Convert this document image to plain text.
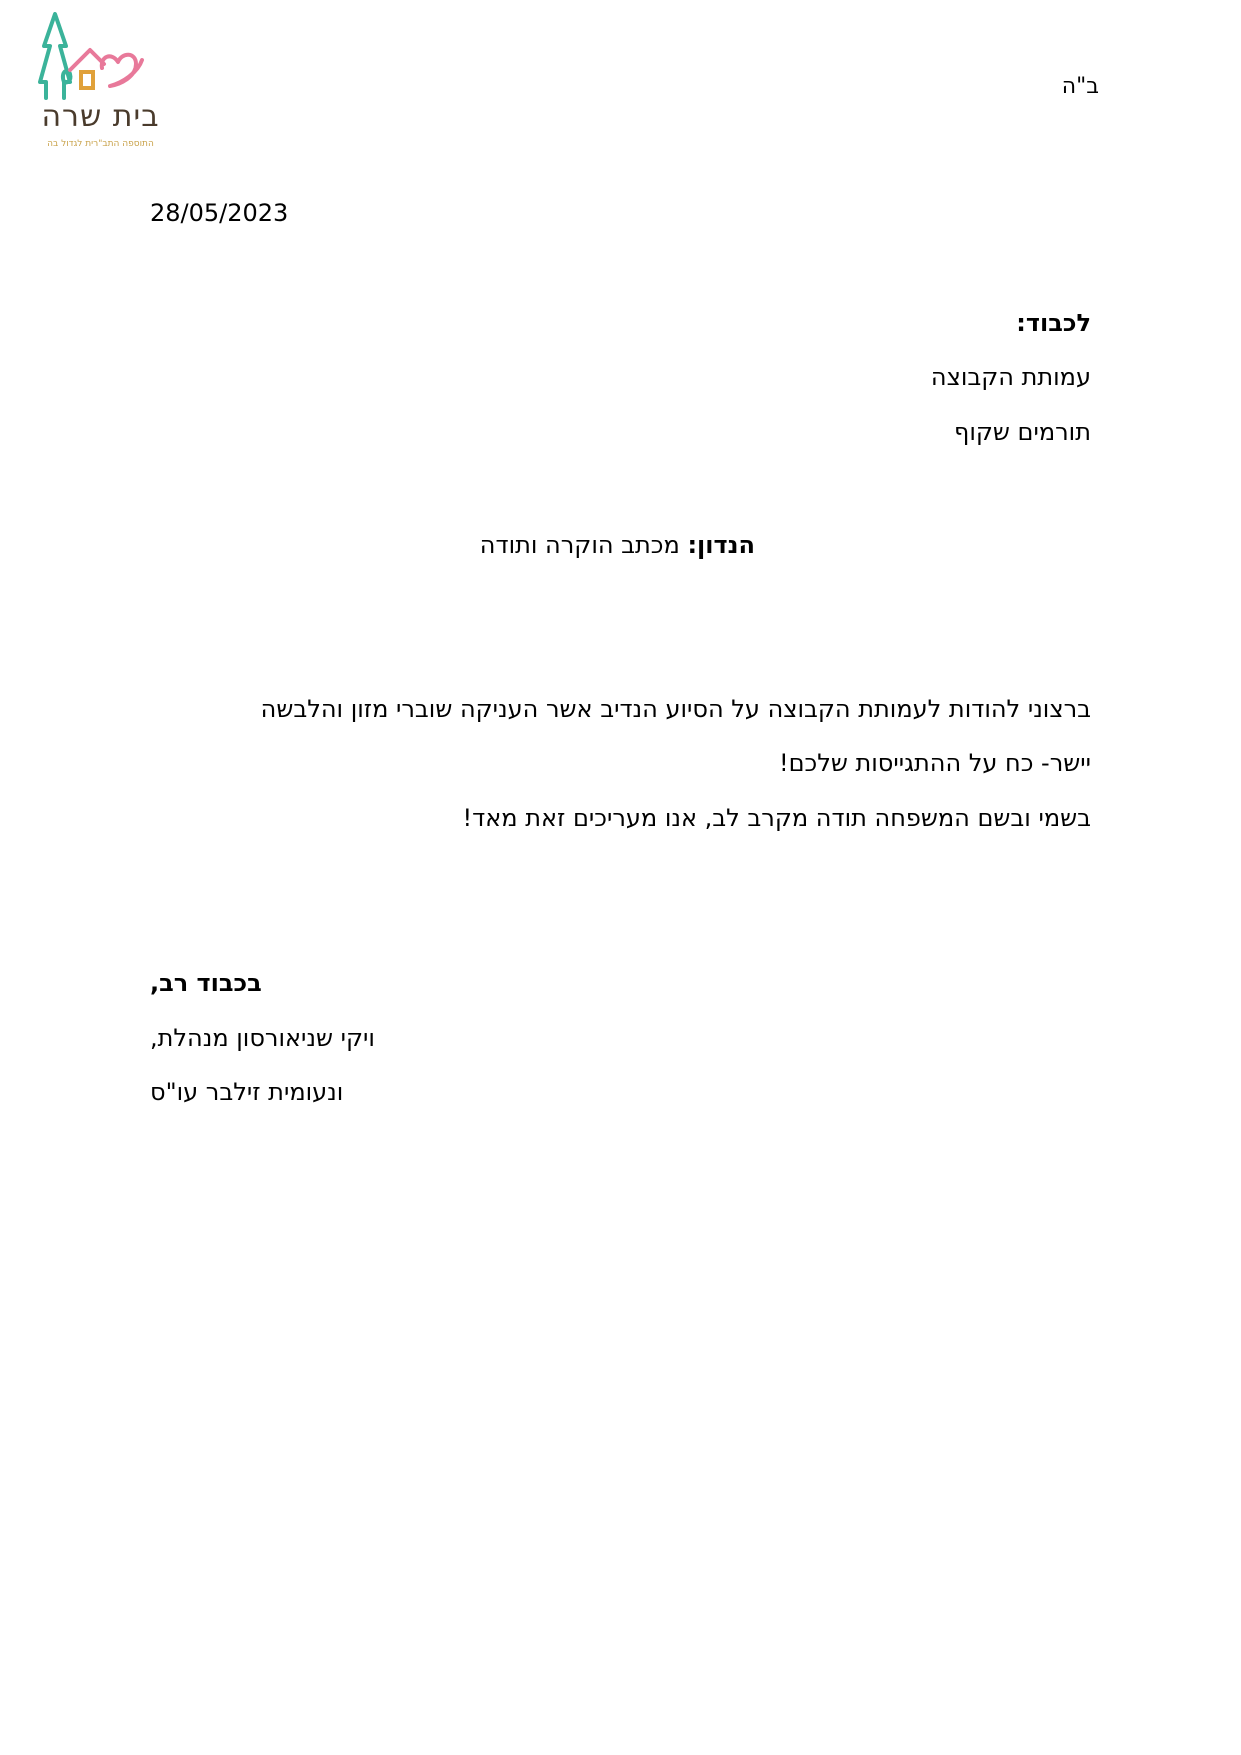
בית שרה
התוספה התב"רית לגדול בה
ב"ה
28/05/2023
לכבוד:
עמותת הקבוצה
תורמים שקוף
הנדון: מכתב הוקרה ותודה
ברצוני להודות לעמותת הקבוצה על הסיוע הנדיב אשר העניקה שוברי מזון והלבשה
יישר- כח על ההתגייסות שלכם!
בשמי ובשם המשפחה תודה מקרב לב, אנו מעריכים זאת מאד!
בכבוד רב,
ויקי שניאורסון מנהלת,
ונעומית זילבר עו"ס
